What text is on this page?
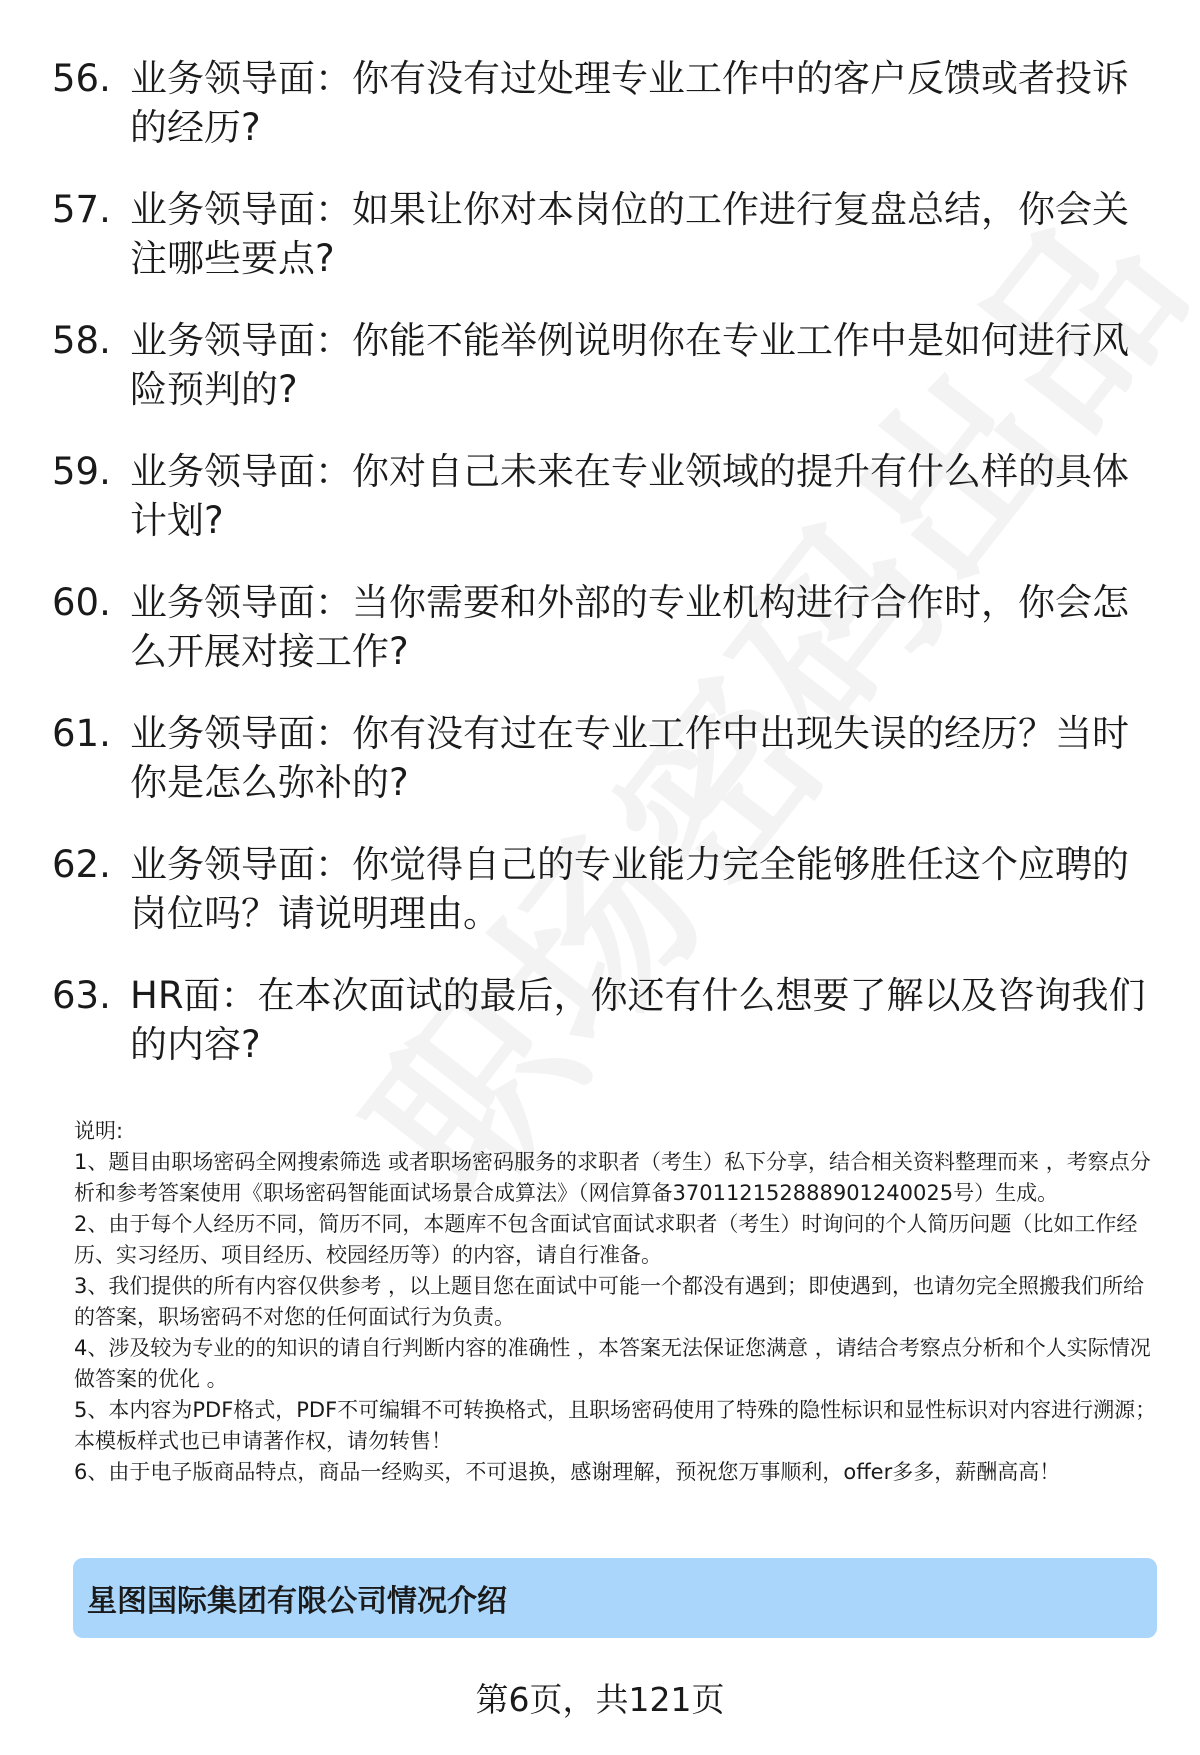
56. 业务领导面：你有没有过处理专业工作中的客户反馈或者投诉的经历?
57. 业务领导面：如果让你对本岗位的工作进行复盘总结，你会关注哪些要点?
58. 业务领导面：你能不能举例说明你在专业工作中是如何进行风险预判的?
59. 业务领导面：你对自己未来在专业领域的提升有什么样的具体计划?
60. 业务领导面：当你需要和外部的专业机构进行合作时，你会怎么开展对接工作?
61. 业务领导面：你有没有过在专业工作中出现失误的经历？当时你是怎么弥补的?
62. 业务领导面：你觉得自己的专业能力完全能够胜任这个应聘的岗位吗？请说明理由。
63. HR面：在本次面试的最后，你还有什么想要了解以及咨询我们的内容?

说明:

1、题目由职场密码全网搜索筛选 或者职场密码服务的求职者（考生）私下分享，结合相关资料整理而来 ，考察点分析和参考答案使用《职场密码智能面试场景合成算法》（网信算备370112152888901240025号）生成。

2、由于每个人经历不同，简历不同，本题库不包含面试官面试求职者（考生）时询问的个人简历问题（比如工作经历、实习经历、项目经历、校园经历等）的内容，请自行准备。

3、我们提供的所有内容仅供参考 ，以上题目您在面试中可能一个都没有遇到；即使遇到，也请勿完全照搬我们所给的答案，职场密码不对您的任何面试行为负责。

4、涉及较为专业的的知识的请自行判断内容的准确性 ，本答案无法保证您满意 ，请结合考察点分析和个人实际情况做答案的优化 。

5、本内容为PDF格式，PDF不可编辑不可转换格式，且职场密码使用了特殊的隐性标识和显性标识对内容进行溯源；本模板样式也已申请著作权，请勿转售！

6、由于电子版商品特点，商品一经购买，不可退换，感谢理解，预祝您万事顺利，offer多多，薪酬高高！

星图国际集团有限公司情况介绍
第6页，共121页
